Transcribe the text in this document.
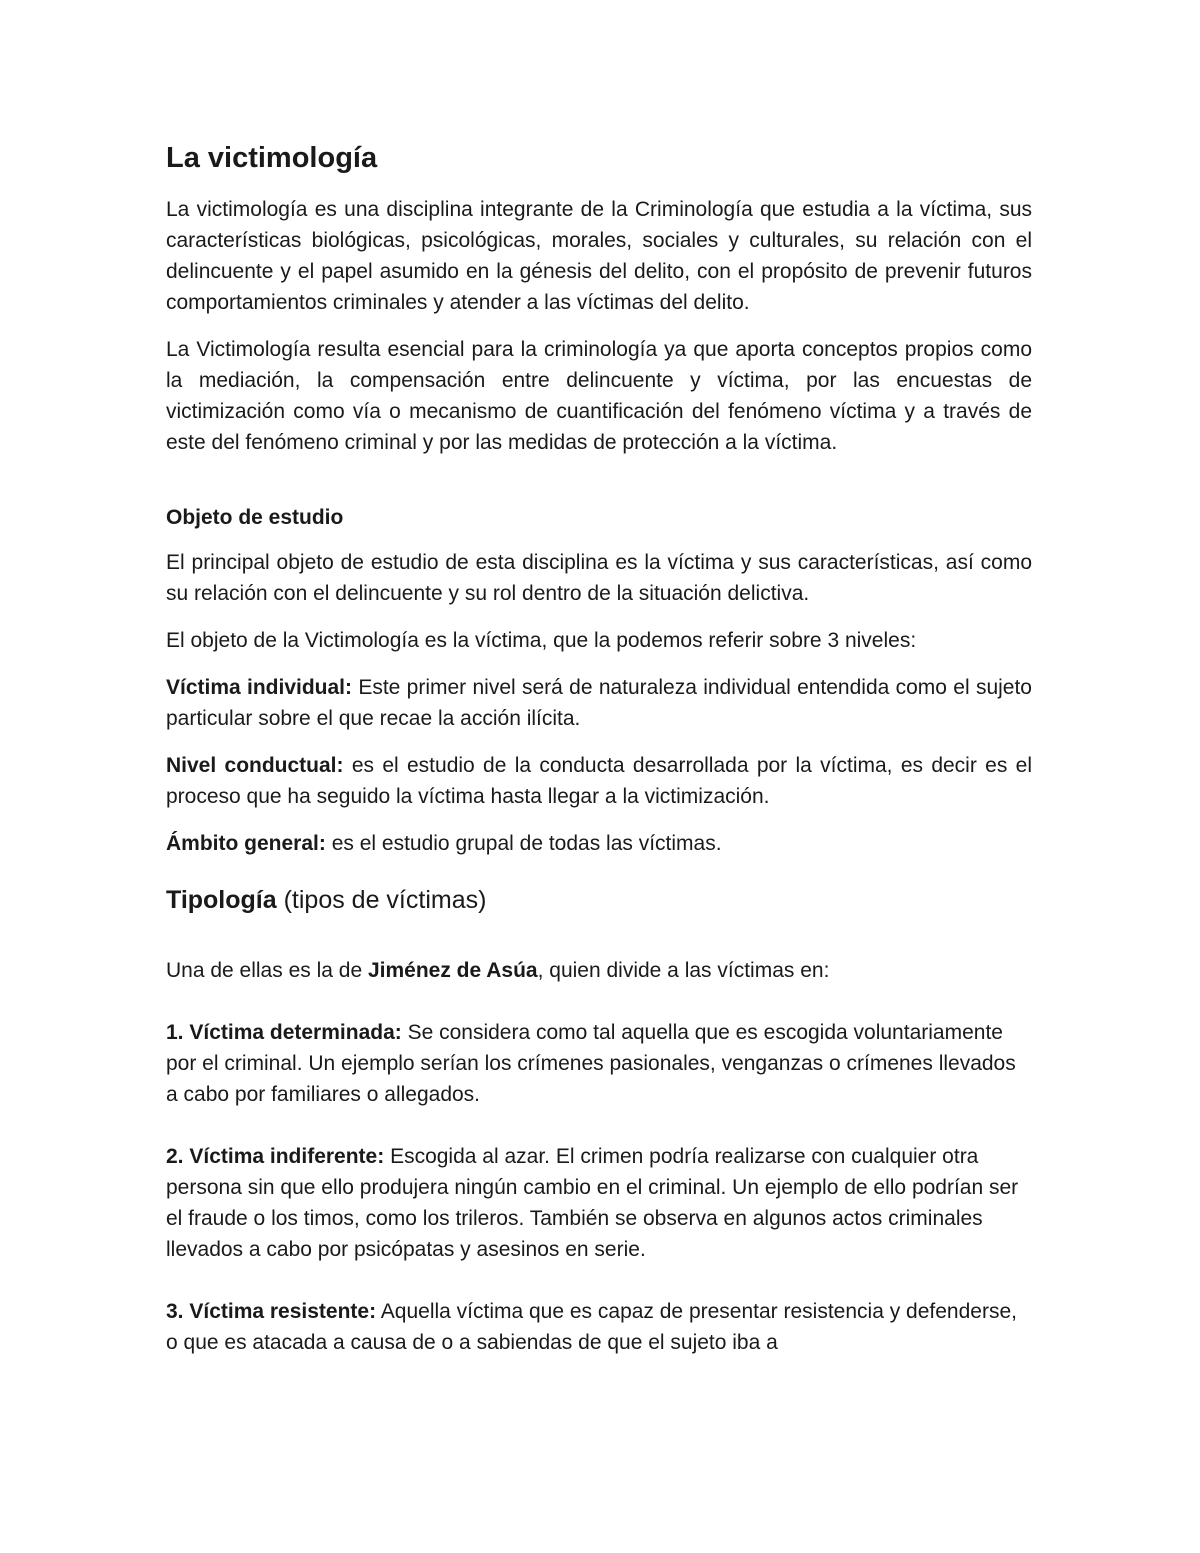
La victimología

La victimología es una disciplina integrante de la Criminología que estudia a la víctima, sus características biológicas, psicológicas, morales, sociales y culturales, su relación con el delincuente y el papel asumido en la génesis del delito, con el propósito de prevenir futuros comportamientos criminales y atender a las víctimas del delito.

La Victimología resulta esencial para la criminología ya que aporta conceptos propios como la mediación, la compensación entre delincuente y víctima, por las encuestas de victimización como vía o mecanismo de cuantificación del fenómeno víctima y a través de este del fenómeno criminal y por las medidas de protección a la víctima.

Objeto de estudio

El principal objeto de estudio de esta disciplina es la víctima y sus características, así como su relación con el delincuente y su rol dentro de la situación delictiva.

El objeto de la Victimología es la víctima, que la podemos referir sobre 3 niveles:

Víctima individual: Este primer nivel será de naturaleza individual entendida como el sujeto particular sobre el que recae la acción ilícita.

Nivel conductual: es el estudio de la conducta desarrollada por la víctima, es decir es el proceso que ha seguido la víctima hasta llegar a la victimización.

Ámbito general: es el estudio grupal de todas las víctimas.

Tipología (tipos de víctimas)

Una de ellas es la de Jiménez de Asúa, quien divide a las víctimas en:

1. Víctima determinada: Se considera como tal aquella que es escogida voluntariamente por el criminal. Un ejemplo serían los crímenes pasionales, venganzas o crímenes llevados a cabo por familiares o allegados.

2. Víctima indiferente: Escogida al azar. El crimen podría realizarse con cualquier otra persona sin que ello produjera ningún cambio en el criminal. Un ejemplo de ello podrían ser el fraude o los timos, como los trileros. También se observa en algunos actos criminales llevados a cabo por psicópatas y asesinos en serie.

3. Víctima resistente: Aquella víctima que es capaz de presentar resistencia y defenderse, o que es atacada a causa de o a sabiendas de que el sujeto iba a
